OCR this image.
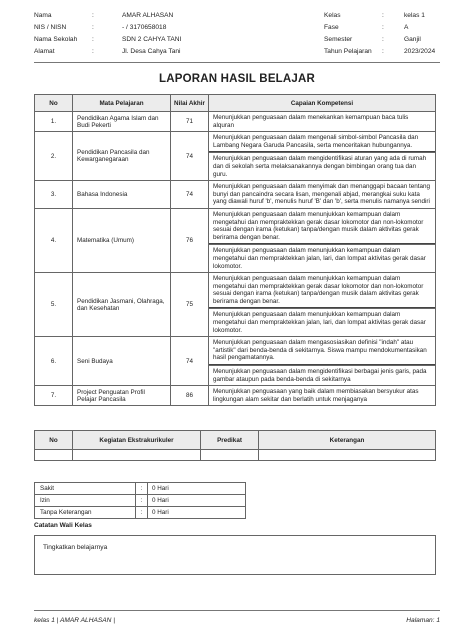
Nama	:	AMAR ALHASAN	Kelas	:	kelas 1
NIS / NISN	:	- / 3170658018	Fase	:	A
Nama Sekolah	:	SDN 2 CAHYA TANI	Semester	:	Ganjil
Alamat	:	Jl. Desa Cahya Tani	Tahun Pelajaran	:	2023/2024
LAPORAN HASIL BELAJAR
No	Mata Pelajaran	Nilai Akhir	Capaian Kompetensi
1.	Pendidikan Agama Islam dan Budi Pekerti	71	Menunjukkan penguasaan dalam menekankan kemampuan baca tulis alquran

2.	Pendidikan Pancasila dan Kewarganegaraan	74	Menunjukkan penguasaan dalam mengenali simbol-simbol Pancasila dan Lambang Negara Garuda Pancasila, serta menceritakan hubungannya.
Menunjukkan penguasaan dalam mengidentifikasi aturan yang ada di rumah dan di sekolah serta melaksanakannya dengan bimbingan orang tua dan guru.

3.	Bahasa Indonesia	74	Menunjukkan penguasaan dalam menyimak dan menanggapi bacaan tentang bunyi dan pancaindra secara lisan, mengenali abjad, merangkai suku kata yang diawali huruf 'b', menulis huruf 'B' dan 'b', serta menulis namanya sendiri

4.	Matematika (Umum)	76	Menunjukkan penguasaan dalam menunjukkan kemampuan dalam mengetahui dan mempraktekkan gerak dasar lokomotor dan non-lokomotor sesuai dengan irama (ketukan) tanpa/dengan musik dalam aktivitas gerak berirama dengan benar.
Menunjukkan penguasaan dalam menunjukkan kemampuan dalam mengetahui dan mempraktekkan jalan, lari, dan lompat aktivitas gerak dasar lokomotor.

5.	Pendidikan Jasmani, Olahraga, dan Kesehatan	75	Menunjukkan penguasaan dalam menunjukkan kemampuan dalam mengetahui dan mempraktekkan gerak dasar lokomotor dan non-lokomotor sesuai dengan irama (ketukan) tanpa/dengan musik dalam aktivitas gerak berirama dengan benar.
Menunjukkan penguasaan dalam menunjukkan kemampuan dalam mengetahui dan mempraktekkan jalan, lari, dan lompat aktivitas gerak dasar lokomotor.

6.	Seni Budaya	74	Menunjukkan penguasaan dalam mengasosiasikan definisi "indah" atau "artistik" dari benda-benda di sekitarnya. Siswa mampu mendokumentasikan hasil pengamatannya.
Menunjukkan penguasaan dalam mengidentifikasi berbagai jenis garis, pada gambar ataupun pada benda-benda di sekitarnya

7.	Project Penguatan Profil Pelajar Pancasila	86	Menunjukkan penguasaan yang baik dalam membiasakan bersyukur atas lingkungan alam sekitar dan berlatih untuk menjaganya
No	Kegiatan Ekstrakurikuler	Predikat	Keterangan

Sakit	:	0 Hari
Izin	:	0 Hari
Tanpa Keterangan	:	0 Hari
Catatan Wali Kelas
Tingkatkan belajarnya
kelas 1 | AMAR ALHASAN |	Halaman: 1
